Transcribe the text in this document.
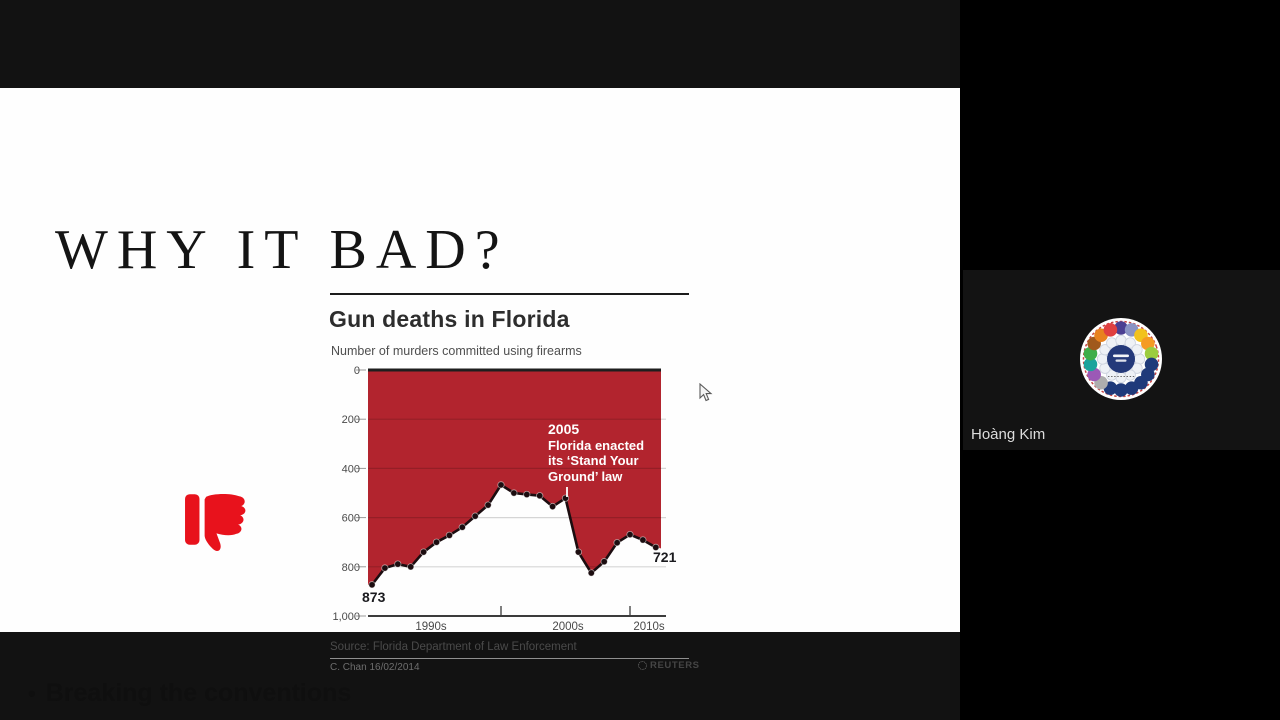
WHY IT BAD?
Gun deaths in Florida
Number of murders committed using firearms
0
200
400
600
800
1,000
1990s	2000s	2010s
2005
Florida enacted
its ‘Stand Your
Ground’ law
873
721
Source: Florida Department of Law Enforcement
C. Chan 16/02/2014	REUTERS
• Breaking the conventions
Hoàng Kim
